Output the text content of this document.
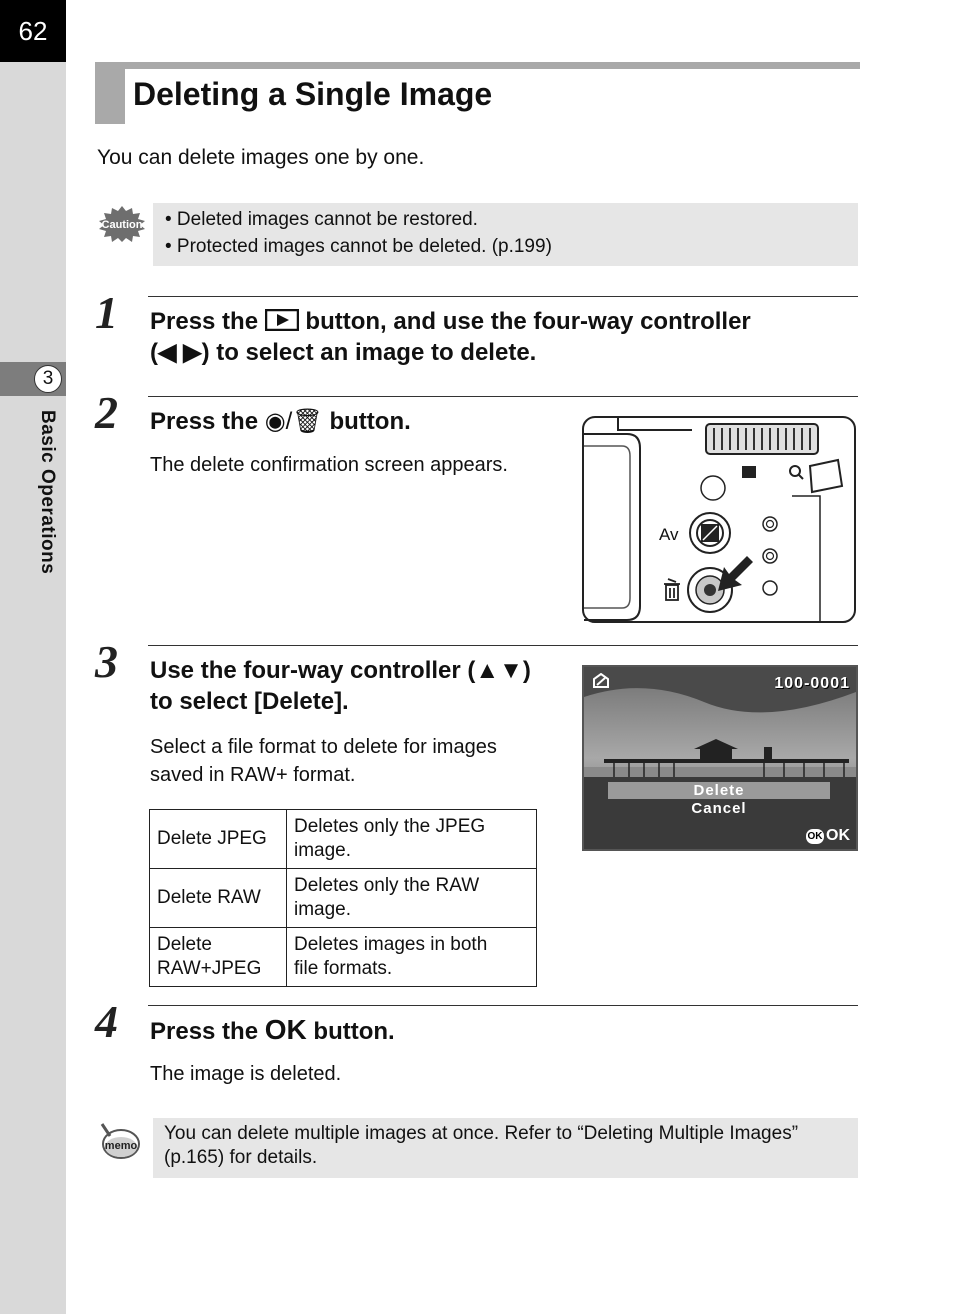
62
3
Basic Operations
Deleting a Single Image
You can delete images one by one.
Caution • Deleted images cannot be restored.
• Protected images cannot be deleted. (p.199)
1 Press the button, and use the four-way controller
(◀ ▶) to select an image to delete.
2 Press the ◉/🗑 button.
The delete confirmation screen appears.
Av
3 Use the four-way controller (▲▼)
to select [Delete].
Select a file format to delete for images
saved in RAW+ format.
Delete JPEG	Deletes only the JPEG
image.
Delete RAW	Deletes only the RAW
image.
Delete
RAW+JPEG	Deletes images in both
file formats.
100-0001
Delete
Cancel
OK OK
4 Press the OK button.
The image is deleted.
memo
You can delete multiple images at once. Refer to “Deleting Multiple Images”
(p.165) for details.
